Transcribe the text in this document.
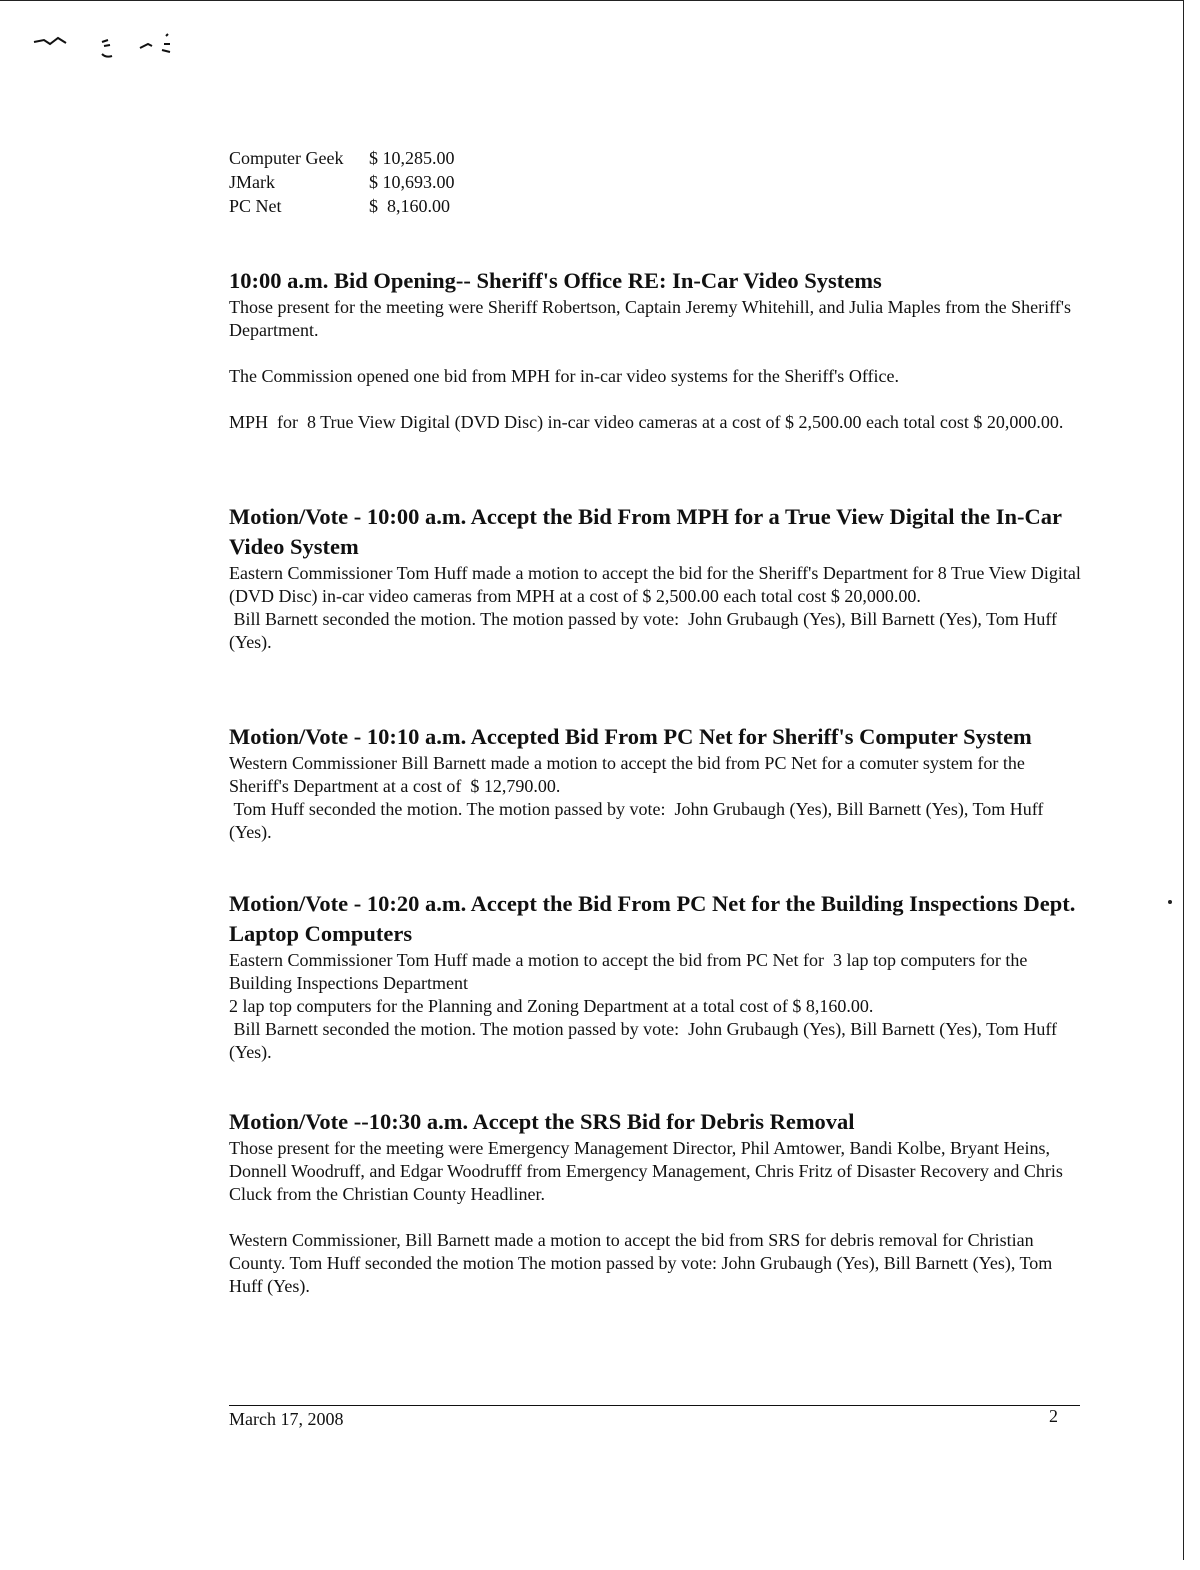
Computer Geek	$ 10,285.00
JMark	$ 10,693.00
PC Net	$  8,160.00
10:00 a.m. Bid Opening-- Sheriff's Office RE: In-Car Video Systems

Those present for the meeting were Sheriff Robertson, Captain Jeremy Whitehill, and Julia Maples from the Sheriff's Department.

The Commission opened one bid from MPH for in-car video systems for the Sheriff's Office.

MPH  for  8 True View Digital (DVD Disc) in-car video cameras at a cost of $ 2,500.00 each total cost $ 20,000.00.

Motion/Vote - 10:00 a.m. Accept the Bid From MPH for a True View Digital the In-Car Video System

Eastern Commissioner Tom Huff made a motion to accept the bid for the Sheriff's Department for 8 True View Digital (DVD Disc) in-car video cameras from MPH at a cost of $ 2,500.00 each total cost $ 20,000.00.

Bill Barnett seconded the motion. The motion passed by vote:  John Grubaugh (Yes), Bill Barnett (Yes), Tom Huff (Yes).

Motion/Vote - 10:10 a.m. Accepted Bid From PC Net for Sheriff's Computer System

Western Commissioner Bill Barnett made a motion to accept the bid from PC Net for a comuter system for the Sheriff's Department at a cost of  $ 12,790.00.

Tom Huff seconded the motion. The motion passed by vote:  John Grubaugh (Yes), Bill Barnett (Yes), Tom Huff (Yes).

Motion/Vote - 10:20 a.m. Accept the Bid From PC Net for the Building Inspections Dept. Laptop Computers

Eastern Commissioner Tom Huff made a motion to accept the bid from PC Net for  3 lap top computers for the Building Inspections Department

2 lap top computers for the Planning and Zoning Department at a total cost of $ 8,160.00.

Bill Barnett seconded the motion. The motion passed by vote:  John Grubaugh (Yes), Bill Barnett (Yes), Tom Huff (Yes).

Motion/Vote --10:30 a.m. Accept the SRS Bid for Debris Removal

Those present for the meeting were Emergency Management Director, Phil Amtower, Bandi Kolbe, Bryant Heins, Donnell Woodruff, and Edgar Woodrufff from Emergency Management, Chris Fritz of Disaster Recovery and Chris Cluck from the Christian County Headliner.

Western Commissioner, Bill Barnett made a motion to accept the bid from SRS for debris removal for Christian County. Tom Huff seconded the motion The motion passed by vote: John Grubaugh (Yes), Bill Barnett (Yes), Tom Huff (Yes).

March 17, 2008	2
